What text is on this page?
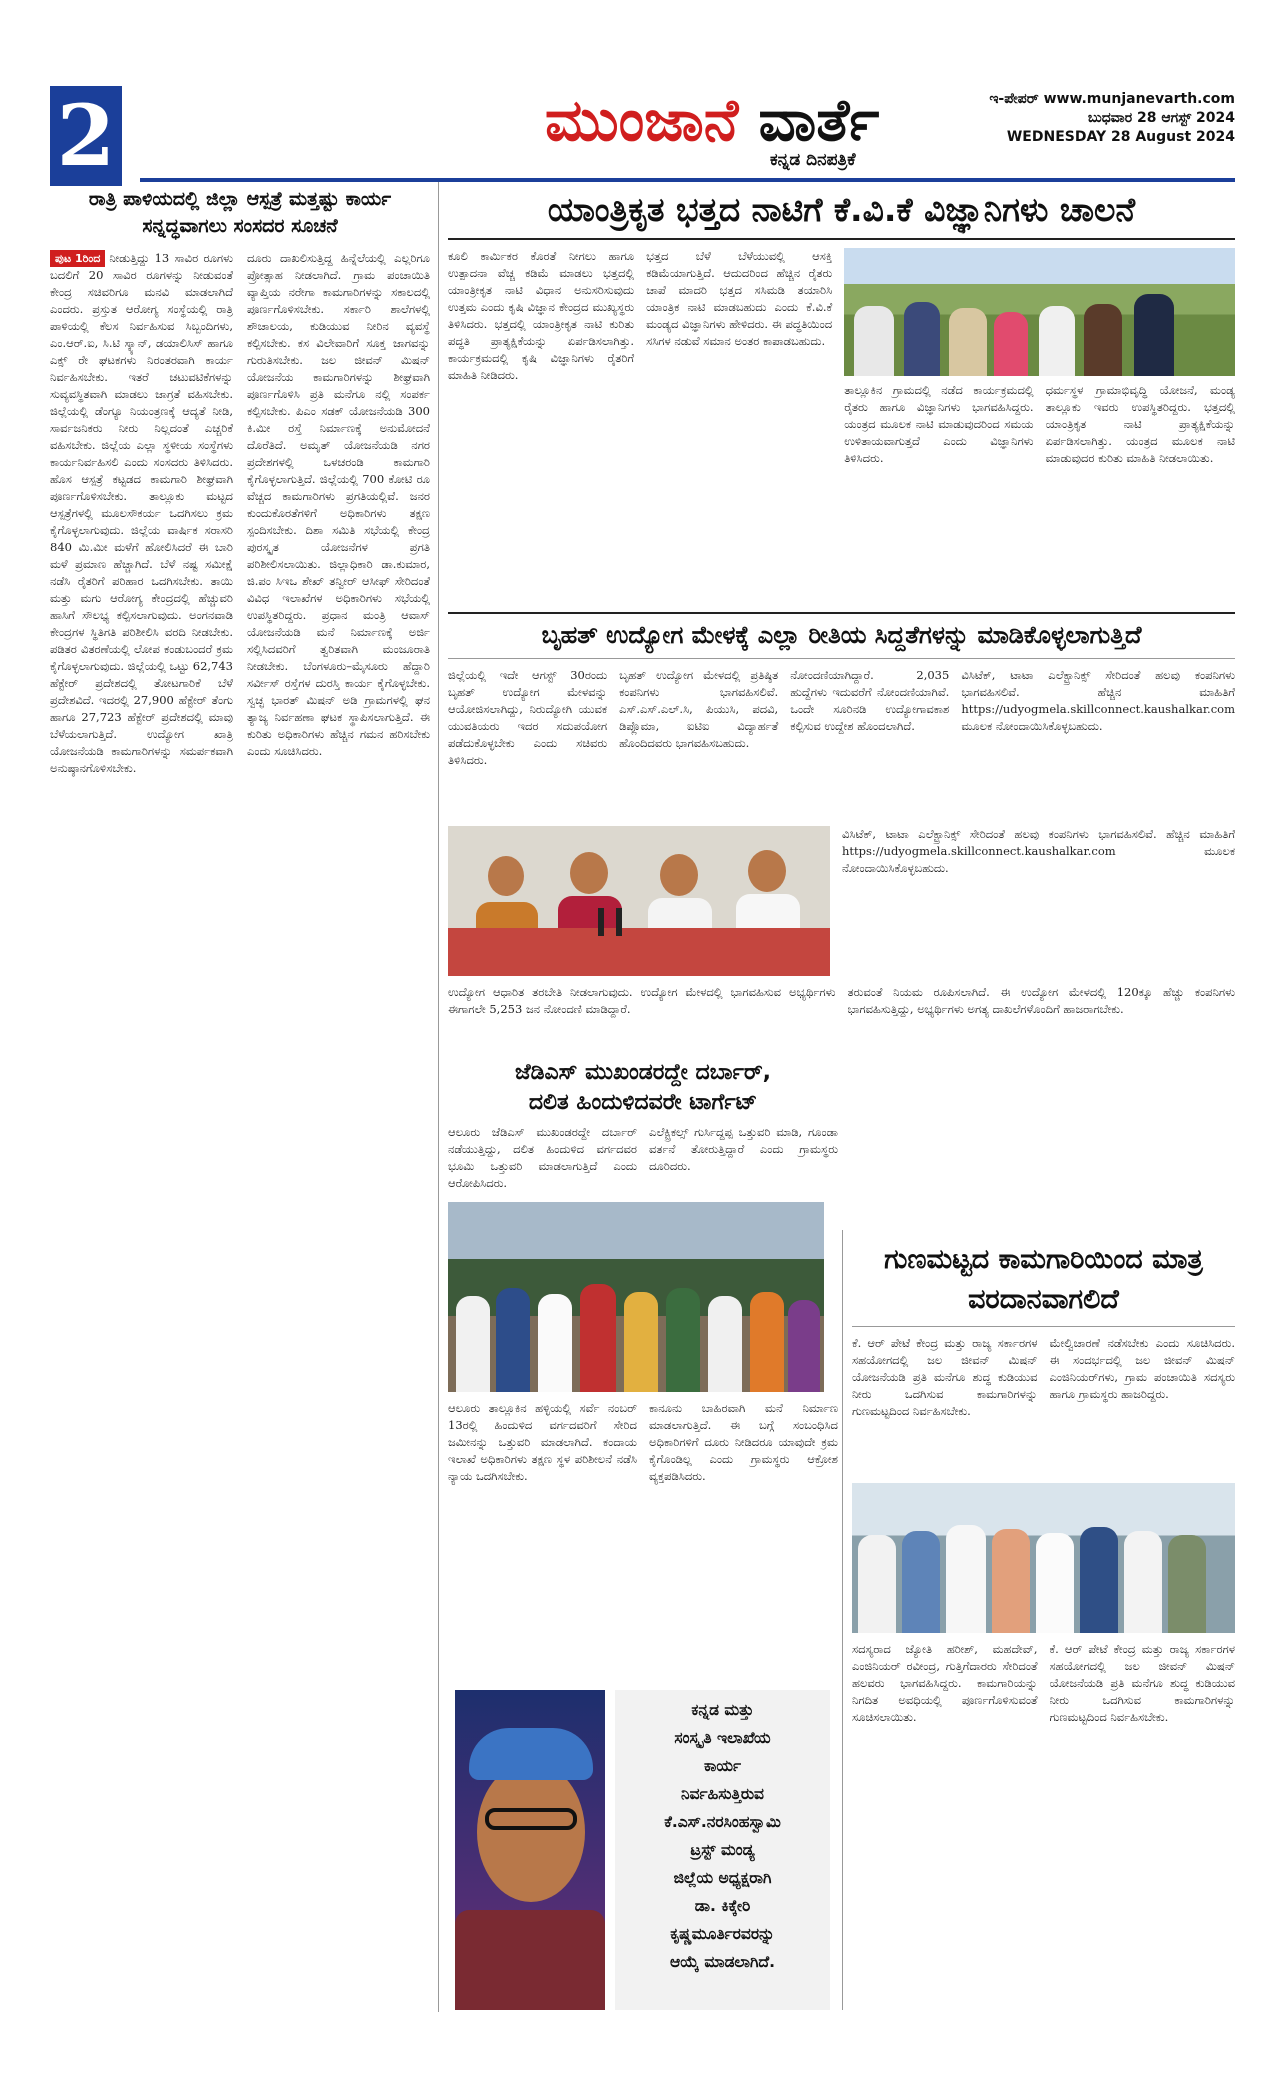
2	ಮುಂಜಾನೆ ವಾರ್ತೆ
ಕನ್ನಡ ದಿನಪತ್ರಿಕೆ
ಇ-ಪೇಪರ್ www.munjanevarth.com
ಬುಧವಾರ 28 ಆಗಸ್ಟ್ 2024
WEDNESDAY 28 August 2024
ರಾತ್ರಿ ಪಾಳಿಯದಲ್ಲಿ ಜಿಲ್ಲಾ ಆಸ್ಪತ್ರೆ ಮತ್ತಷ್ಟು ಕಾರ್ಯ ಸನ್ನದ್ಧವಾಗಲು ಸಂಸದರ ಸೂಚನೆ
ಪುಟ 1ರಿಂದ ನೀಡುತ್ತಿದ್ದು 13 ಸಾವಿರ ರೂಗಳು ಬದಲಿಗೆ 20 ಸಾವಿರ ರೂಗಳನ್ನು ನೀಡುವಂತೆ ಕೇಂದ್ರ ಸಚಿವರಿಗೂ ಮನವಿ ಮಾಡಲಾಗಿದೆ ಎಂದರು. ಪ್ರಸ್ತುತ ಆರೋಗ್ಯ ಸಂಸ್ಥೆಯಲ್ಲಿ ರಾತ್ರಿ ಪಾಳಿಯಲ್ಲಿ ಕೆಲಸ ನಿರ್ವಹಿಸುವ ಸಿಬ್ಬಂದಿಗಳು, ಎಂ.ಆರ್.ಐ, ಸಿ.ಟಿ ಸ್ಕ್ಯಾನ್, ಡಯಾಲಿಸಿಸ್ ಹಾಗೂ ಎಕ್ಸ್ ರೇ ಘಟಕಗಳು ನಿರಂತರವಾಗಿ ಕಾರ್ಯ ನಿರ್ವಹಿಸಬೇಕು. ಇತರೆ ಚಟುವಟಿಕೆಗಳನ್ನು ಸುವ್ಯವಸ್ಥಿತವಾಗಿ ಮಾಡಲು ಜಾಗ್ರತೆ ವಹಿಸಬೇಕು. ಜಿಲ್ಲೆಯಲ್ಲಿ ಡೆಂಗ್ಯೂ ನಿಯಂತ್ರಣಕ್ಕೆ ಆದ್ಯತೆ ನೀಡಿ, ಸಾರ್ವಜನಿಕರು ನೀರು ನಿಲ್ಲದಂತೆ ಎಚ್ಚರಿಕೆ ವಹಿಸಬೇಕು. ಜಿಲ್ಲೆಯ ಎಲ್ಲಾ ಸ್ಥಳೀಯ ಸಂಸ್ಥೆಗಳು ಕಾರ್ಯನಿರ್ವಹಿಸಲಿ ಎಂದು ಸಂಸದರು ತಿಳಿಸಿದರು. ಹೊಸ ಆಸ್ಪತ್ರೆ ಕಟ್ಟಡದ ಕಾಮಗಾರಿ ಶೀಘ್ರವಾಗಿ ಪೂರ್ಣಗೊಳಿಸಬೇಕು. ತಾಲ್ಲೂಕು ಮಟ್ಟದ ಆಸ್ಪತ್ರೆಗಳಲ್ಲಿ ಮೂಲಸೌಕರ್ಯ ಒದಗಿಸಲು ಕ್ರಮ ಕೈಗೊಳ್ಳಲಾಗುವುದು. ಜಿಲ್ಲೆಯ ವಾರ್ಷಿಕ ಸರಾಸರಿ 840 ಮಿ.ಮೀ ಮಳೆಗೆ ಹೋಲಿಸಿದರೆ ಈ ಬಾರಿ ಮಳೆ ಪ್ರಮಾಣ ಹೆಚ್ಚಾಗಿದೆ. ಬೆಳೆ ನಷ್ಟ ಸಮೀಕ್ಷೆ ನಡೆಸಿ ರೈತರಿಗೆ ಪರಿಹಾರ ಒದಗಿಸಬೇಕು. ತಾಯಿ ಮತ್ತು ಮಗು ಆರೋಗ್ಯ ಕೇಂದ್ರದಲ್ಲಿ ಹೆಚ್ಚುವರಿ ಹಾಸಿಗೆ ಸೌಲಭ್ಯ ಕಲ್ಪಿಸಲಾಗುವುದು. ಅಂಗನವಾಡಿ ಕೇಂದ್ರಗಳ ಸ್ಥಿತಿಗತಿ ಪರಿಶೀಲಿಸಿ ವರದಿ ನೀಡಬೇಕು. ಪಡಿತರ ವಿತರಣೆಯಲ್ಲಿ ಲೋಪ ಕಂಡುಬಂದರೆ ಕ್ರಮ ಕೈಗೊಳ್ಳಲಾಗುವುದು. ಜಿಲ್ಲೆಯಲ್ಲಿ ಒಟ್ಟು 62,743 ಹೆಕ್ಟೇರ್ ಪ್ರದೇಶದಲ್ಲಿ ತೋಟಗಾರಿಕೆ ಬೆಳೆ ಪ್ರದೇಶವಿದೆ. ಇದರಲ್ಲಿ 27,900 ಹೆಕ್ಟೇರ್ ತೆಂಗು ಹಾಗೂ 27,723 ಹೆಕ್ಟೇರ್ ಪ್ರದೇಶದಲ್ಲಿ ಮಾವು ಬೆಳೆಯಲಾಗುತ್ತಿದೆ. ಉದ್ಯೋಗ ಖಾತ್ರಿ ಯೋಜನೆಯಡಿ ಕಾಮಗಾರಿಗಳನ್ನು ಸಮರ್ಪಕವಾಗಿ ಅನುಷ್ಠಾನಗೊಳಿಸಬೇಕು.
ದೂರು ದಾಖಲಿಸುತ್ತಿದ್ದ ಹಿನ್ನೆಲೆಯಲ್ಲಿ ಎಲ್ಲರಿಗೂ ಪ್ರೋತ್ಸಾಹ ನೀಡಲಾಗಿದೆ. ಗ್ರಾಮ ಪಂಚಾಯಿತಿ ವ್ಯಾಪ್ತಿಯ ನರೇಗಾ ಕಾಮಗಾರಿಗಳನ್ನು ಸಕಾಲದಲ್ಲಿ ಪೂರ್ಣಗೊಳಿಸಬೇಕು. ಸರ್ಕಾರಿ ಶಾಲೆಗಳಲ್ಲಿ ಶೌಚಾಲಯ, ಕುಡಿಯುವ ನೀರಿನ ವ್ಯವಸ್ಥೆ ಕಲ್ಪಿಸಬೇಕು. ಕಸ ವಿಲೇವಾರಿಗೆ ಸೂಕ್ತ ಜಾಗವನ್ನು ಗುರುತಿಸಬೇಕು. ಜಲ ಜೀವನ್ ಮಿಷನ್ ಯೋಜನೆಯ ಕಾಮಗಾರಿಗಳನ್ನು ಶೀಘ್ರವಾಗಿ ಪೂರ್ಣಗೊಳಿಸಿ ಪ್ರತಿ ಮನೆಗೂ ನಲ್ಲಿ ಸಂಪರ್ಕ ಕಲ್ಪಿಸಬೇಕು. ಪಿಎಂ ಸಡಕ್ ಯೋಜನೆಯಡಿ 300 ಕಿ.ಮೀ ರಸ್ತೆ ನಿರ್ಮಾಣಕ್ಕೆ ಅನುಮೋದನೆ ದೊರೆತಿದೆ. ಅಮೃತ್ ಯೋಜನೆಯಡಿ ನಗರ ಪ್ರದೇಶಗಳಲ್ಲಿ ಒಳಚರಂಡಿ ಕಾಮಗಾರಿ ಕೈಗೊಳ್ಳಲಾಗುತ್ತಿದೆ. ಜಿಲ್ಲೆಯಲ್ಲಿ 700 ಕೋಟಿ ರೂ ವೆಚ್ಚದ ಕಾಮಗಾರಿಗಳು ಪ್ರಗತಿಯಲ್ಲಿವೆ. ಜನರ ಕುಂದುಕೊರತೆಗಳಿಗೆ ಅಧಿಕಾರಿಗಳು ತಕ್ಷಣ ಸ್ಪಂದಿಸಬೇಕು. ದಿಶಾ ಸಮಿತಿ ಸಭೆಯಲ್ಲಿ ಕೇಂದ್ರ ಪುರಸ್ಕೃತ ಯೋಜನೆಗಳ ಪ್ರಗತಿ ಪರಿಶೀಲಿಸಲಾಯಿತು. ಜಿಲ್ಲಾಧಿಕಾರಿ ಡಾ.ಕುಮಾರ, ಜಿ.ಪಂ ಸಿಇಒ ಶೇಖ್ ತನ್ವೀರ್ ಆಸೀಫ್ ಸೇರಿದಂತೆ ವಿವಿಧ ಇಲಾಖೆಗಳ ಅಧಿಕಾರಿಗಳು ಸಭೆಯಲ್ಲಿ ಉಪಸ್ಥಿತರಿದ್ದರು. ಪ್ರಧಾನ ಮಂತ್ರಿ ಆವಾಸ್ ಯೋಜನೆಯಡಿ ಮನೆ ನಿರ್ಮಾಣಕ್ಕೆ ಅರ್ಜಿ ಸಲ್ಲಿಸಿದವರಿಗೆ ತ್ವರಿತವಾಗಿ ಮಂಜೂರಾತಿ ನೀಡಬೇಕು. ಬೆಂಗಳೂರು–ಮೈಸೂರು ಹೆದ್ದಾರಿ ಸರ್ವೀಸ್ ರಸ್ತೆಗಳ ದುರಸ್ತಿ ಕಾರ್ಯ ಕೈಗೊಳ್ಳಬೇಕು. ಸ್ವಚ್ಛ ಭಾರತ್ ಮಿಷನ್ ಅಡಿ ಗ್ರಾಮಗಳಲ್ಲಿ ಘನ ತ್ಯಾಜ್ಯ ನಿರ್ವಹಣಾ ಘಟಕ ಸ್ಥಾಪಿಸಲಾಗುತ್ತಿದೆ. ಈ ಕುರಿತು ಅಧಿಕಾರಿಗಳು ಹೆಚ್ಚಿನ ಗಮನ ಹರಿಸಬೇಕು ಎಂದು ಸೂಚಿಸಿದರು.
ಯಾಂತ್ರಿಕೃತ ಭತ್ತದ ನಾಟಿಗೆ ಕೆ.ವಿ.ಕೆ ವಿಜ್ಞಾನಿಗಳು ಚಾಲನೆ
ಕೂಲಿ ಕಾರ್ಮಿಕರ ಕೊರತೆ ನೀಗಲು ಹಾಗೂ ಉತ್ಪಾದನಾ ವೆಚ್ಚ ಕಡಿಮೆ ಮಾಡಲು ಭತ್ತದಲ್ಲಿ ಯಾಂತ್ರೀಕೃತ ನಾಟಿ ವಿಧಾನ ಅನುಸರಿಸುವುದು ಉತ್ತಮ ಎಂದು ಕೃಷಿ ವಿಜ್ಞಾನ ಕೇಂದ್ರದ ಮುಖ್ಯಸ್ಥರು ತಿಳಿಸಿದರು. ಭತ್ತದಲ್ಲಿ ಯಾಂತ್ರೀಕೃತ ನಾಟಿ ಕುರಿತು ಪದ್ಧತಿ ಪ್ರಾತ್ಯಕ್ಷಿಕೆಯನ್ನು ಏರ್ಪಡಿಸಲಾಗಿತ್ತು. ಕಾರ್ಯಕ್ರಮದಲ್ಲಿ ಕೃಷಿ ವಿಜ್ಞಾನಿಗಳು ರೈತರಿಗೆ ಮಾಹಿತಿ ನೀಡಿದರು.
ಭತ್ತದ ಬೆಳೆ ಬೆಳೆಯುವಲ್ಲಿ ಆಸಕ್ತಿ ಕಡಿಮೆಯಾಗುತ್ತಿದೆ. ಆದುದರಿಂದ ಹೆಚ್ಚಿನ ರೈತರು ಚಾಪೆ ಮಾದರಿ ಭತ್ತದ ಸಸಿಮಡಿ ತಯಾರಿಸಿ ಯಾಂತ್ರಿಕ ನಾಟಿ ಮಾಡಬಹುದು ಎಂದು ಕೆ.ವಿ.ಕೆ ಮಂಡ್ಯದ ವಿಜ್ಞಾನಿಗಳು ಹೇಳಿದರು. ಈ ಪದ್ಧತಿಯಿಂದ ಸಸಿಗಳ ನಡುವೆ ಸಮಾನ ಅಂತರ ಕಾಪಾಡಬಹುದು.
ತಾಲ್ಲೂಕಿನ ಗ್ರಾಮದಲ್ಲಿ ನಡೆದ ಕಾರ್ಯಕ್ರಮದಲ್ಲಿ ರೈತರು ಹಾಗೂ ವಿಜ್ಞಾನಿಗಳು ಭಾಗವಹಿಸಿದ್ದರು. ಯಂತ್ರದ ಮೂಲಕ ನಾಟಿ ಮಾಡುವುದರಿಂದ ಸಮಯ ಉಳಿತಾಯವಾಗುತ್ತದೆ ಎಂದು ವಿಜ್ಞಾನಿಗಳು ತಿಳಿಸಿದರು.
ಧರ್ಮಸ್ಥಳ ಗ್ರಾಮಾಭಿವೃದ್ಧಿ ಯೋಜನೆ, ಮಂಡ್ಯ ತಾಲ್ಲೂಕು ಇವರು ಉಪಸ್ಥಿತರಿದ್ದರು. ಭತ್ತದಲ್ಲಿ ಯಾಂತ್ರಿಕೃತ ನಾಟಿ ಪ್ರಾತ್ಯಕ್ಷಿಕೆಯನ್ನು ಏರ್ಪಡಿಸಲಾಗಿತ್ತು. ಯಂತ್ರದ ಮೂಲಕ ನಾಟಿ ಮಾಡುವುದರ ಕುರಿತು ಮಾಹಿತಿ ನೀಡಲಾಯಿತು.
ಬೃಹತ್ ಉದ್ಯೋಗ ಮೇಳಕ್ಕೆ ಎಲ್ಲಾ ರೀತಿಯ ಸಿದ್ದತೆಗಳನ್ನು ಮಾಡಿಕೊಳ್ಳಲಾಗುತ್ತಿದೆ
ಜಿಲ್ಲೆಯಲ್ಲಿ ಇದೇ ಆಗಸ್ಟ್ 30ರಂದು ಬೃಹತ್ ಉದ್ಯೋಗ ಮೇಳವನ್ನು ಆಯೋಜಿಸಲಾಗಿದ್ದು, ನಿರುದ್ಯೋಗಿ ಯುವಕ ಯುವತಿಯರು ಇದರ ಸದುಪಯೋಗ ಪಡೆದುಕೊಳ್ಳಬೇಕು ಎಂದು ಸಚಿವರು ತಿಳಿಸಿದರು.
ಬೃಹತ್ ಉದ್ಯೋಗ ಮೇಳದಲ್ಲಿ ಪ್ರತಿಷ್ಠಿತ ಕಂಪನಿಗಳು ಭಾಗವಹಿಸಲಿವೆ. ಎಸ್.ಎಸ್.ಎಲ್.ಸಿ, ಪಿಯುಸಿ, ಪದವಿ, ಡಿಪ್ಲೊಮಾ, ಐಟಿಐ ವಿದ್ಯಾರ್ಹತೆ ಹೊಂದಿದವರು ಭಾಗವಹಿಸಬಹುದು.
ನೋಂದಣಿಯಾಗಿದ್ದಾರೆ. 2,035 ಹುದ್ದೆಗಳು ಇದುವರೆಗೆ ನೋಂದಣಿಯಾಗಿವೆ. ಒಂದೇ ಸೂರಿನಡಿ ಉದ್ಯೋಗಾವಕಾಶ ಕಲ್ಪಿಸುವ ಉದ್ದೇಶ ಹೊಂದಲಾಗಿದೆ.
ವಿಸಿಟೆಕ್, ಟಾಟಾ ಎಲೆಕ್ಟ್ರಾನಿಕ್ಸ್ ಸೇರಿದಂತೆ ಹಲವು ಕಂಪನಿಗಳು ಭಾಗವಹಿಸಲಿವೆ. ಹೆಚ್ಚಿನ ಮಾಹಿತಿಗೆ https://udyogmela.skillconnect.kaushalkar.com ಮೂಲಕ ನೋಂದಾಯಿಸಿಕೊಳ್ಳಬಹುದು.
ವಿಸಿಟೆಕ್, ಟಾಟಾ ಎಲೆಕ್ಟ್ರಾನಿಕ್ಸ್ ಸೇರಿದಂತೆ ಹಲವು ಕಂಪನಿಗಳು ಭಾಗವಹಿಸಲಿವೆ. ಹೆಚ್ಚಿನ ಮಾಹಿತಿಗೆ https://udyogmela.skillconnect.kaushalkar.com ಮೂಲಕ ನೋಂದಾಯಿಸಿಕೊಳ್ಳಬಹುದು.
ಉದ್ಯೋಗ ಆಧಾರಿತ ತರಬೇತಿ ನೀಡಲಾಗುವುದು. ಉದ್ಯೋಗ ಮೇಳದಲ್ಲಿ ಭಾಗವಹಿಸುವ ಅಭ್ಯರ್ಥಿಗಳು ಈಗಾಗಲೇ 5,253 ಜನ ನೋಂದಣಿ ಮಾಡಿದ್ದಾರೆ.
ತರುವಂತೆ ನಿಯಮ ರೂಪಿಸಲಾಗಿದೆ. ಈ ಉದ್ಯೋಗ ಮೇಳದಲ್ಲಿ 120ಕ್ಕೂ ಹೆಚ್ಚು ಕಂಪನಿಗಳು ಭಾಗವಹಿಸುತ್ತಿದ್ದು, ಅಭ್ಯರ್ಥಿಗಳು ಅಗತ್ಯ ದಾಖಲೆಗಳೊಂದಿಗೆ ಹಾಜರಾಗಬೇಕು.
ಜೆಡಿಎಸ್ ಮುಖಂಡರದ್ದೇ ದರ್ಬಾರ್,
ದಲಿತ ಹಿಂದುಳಿದವರೇ ಟಾರ್ಗೆಟ್
ಆಲೂರು ಜೆಡಿಎಸ್ ಮುಖಂಡರದ್ದೇ ದರ್ಬಾರ್ ನಡೆಯುತ್ತಿದ್ದು, ದಲಿತ ಹಿಂದುಳಿದ ವರ್ಗದವರ ಭೂಮಿ ಒತ್ತುವರಿ ಮಾಡಲಾಗುತ್ತಿದೆ ಎಂದು ಆರೋಪಿಸಿದರು.
ಎಲೆಕ್ಟ್ರಿಕಲ್ಸ್ ಗುರ್ಸಿದ್ದಪ್ಪ ಒತ್ತುವರಿ ಮಾಡಿ, ಗೂಂಡಾ ವರ್ತನೆ ತೋರುತ್ತಿದ್ದಾರೆ ಎಂದು ಗ್ರಾಮಸ್ಥರು ದೂರಿದರು.
ಆಲೂರು ತಾಲ್ಲೂಕಿನ ಹಳ್ಳಿಯಲ್ಲಿ ಸರ್ವೆ ನಂಬರ್ 13ರಲ್ಲಿ ಹಿಂದುಳಿದ ವರ್ಗದವರಿಗೆ ಸೇರಿದ ಜಮೀನನ್ನು ಒತ್ತುವರಿ ಮಾಡಲಾಗಿದೆ. ಕಂದಾಯ ಇಲಾಖೆ ಅಧಿಕಾರಿಗಳು ತಕ್ಷಣ ಸ್ಥಳ ಪರಿಶೀಲನೆ ನಡೆಸಿ ನ್ಯಾಯ ಒದಗಿಸಬೇಕು.
ಕಾನೂನು ಬಾಹಿರವಾಗಿ ಮನೆ ನಿರ್ಮಾಣ ಮಾಡಲಾಗುತ್ತಿದೆ. ಈ ಬಗ್ಗೆ ಸಂಬಂಧಿಸಿದ ಅಧಿಕಾರಿಗಳಿಗೆ ದೂರು ನೀಡಿದರೂ ಯಾವುದೇ ಕ್ರಮ ಕೈಗೊಂಡಿಲ್ಲ ಎಂದು ಗ್ರಾಮಸ್ಥರು ಆಕ್ರೋಶ ವ್ಯಕ್ತಪಡಿಸಿದರು.
ಕನ್ನಡ ಮತ್ತು
ಸಂಸ್ಕೃತಿ ಇಲಾಖೆಯ
ಕಾರ್ಯ
ನಿರ್ವಹಿಸುತ್ತಿರುವ
ಕೆ.ಎಸ್.ನರಸಿಂಹಸ್ವಾಮಿ
ಟ್ರಸ್ಟ್ ಮಂಡ್ಯ
ಜಿಲ್ಲೆಯ ಅಧ್ಯಕ್ಷರಾಗಿ
ಡಾ. ಕಿಕ್ಕೇರಿ
ಕೃಷ್ಣಮೂರ್ತಿರವರನ್ನು
ಆಯ್ಕೆ ಮಾಡಲಾಗಿದೆ.
ಗುಣಮಟ್ಟದ ಕಾಮಗಾರಿಯಿಂದ ಮಾತ್ರ ವರದಾನವಾಗಲಿದೆ
ಕೆ. ಆರ್ ಪೇಟೆ ಕೇಂದ್ರ ಮತ್ತು ರಾಜ್ಯ ಸರ್ಕಾರಗಳ ಸಹಯೋಗದಲ್ಲಿ ಜಲ ಜೀವನ್ ಮಿಷನ್ ಯೋಜನೆಯಡಿ ಪ್ರತಿ ಮನೆಗೂ ಶುದ್ಧ ಕುಡಿಯುವ ನೀರು ಒದಗಿಸುವ ಕಾಮಗಾರಿಗಳನ್ನು ಗುಣಮಟ್ಟದಿಂದ ನಿರ್ವಹಿಸಬೇಕು.
ಮೇಲ್ವಿಚಾರಣೆ ನಡೆಸಬೇಕು ಎಂದು ಸೂಚಿಸಿದರು. ಈ ಸಂದರ್ಭದಲ್ಲಿ ಜಲ ಜೀವನ್ ಮಿಷನ್ ಎಂಜಿನಿಯರ್‌ಗಳು, ಗ್ರಾಮ ಪಂಚಾಯಿತಿ ಸದಸ್ಯರು ಹಾಗೂ ಗ್ರಾಮಸ್ಥರು ಹಾಜರಿದ್ದರು.
ಸದಸ್ಯರಾದ ಜ್ಯೋತಿ ಹರೀಶ್, ಮಹದೇವ್, ಎಂಜಿನಿಯರ್ ರವೀಂದ್ರ, ಗುತ್ತಿಗೆದಾರರು ಸೇರಿದಂತೆ ಹಲವರು ಭಾಗವಹಿಸಿದ್ದರು. ಕಾಮಗಾರಿಯನ್ನು ನಿಗದಿತ ಅವಧಿಯಲ್ಲಿ ಪೂರ್ಣಗೊಳಿಸುವಂತೆ ಸೂಚಿಸಲಾಯಿತು.
ಕೆ. ಆರ್ ಪೇಟೆ ಕೇಂದ್ರ ಮತ್ತು ರಾಜ್ಯ ಸರ್ಕಾರಗಳ ಸಹಯೋಗದಲ್ಲಿ ಜಲ ಜೀವನ್ ಮಿಷನ್ ಯೋಜನೆಯಡಿ ಪ್ರತಿ ಮನೆಗೂ ಶುದ್ಧ ಕುಡಿಯುವ ನೀರು ಒದಗಿಸುವ ಕಾಮಗಾರಿಗಳನ್ನು ಗುಣಮಟ್ಟದಿಂದ ನಿರ್ವಹಿಸಬೇಕು.
